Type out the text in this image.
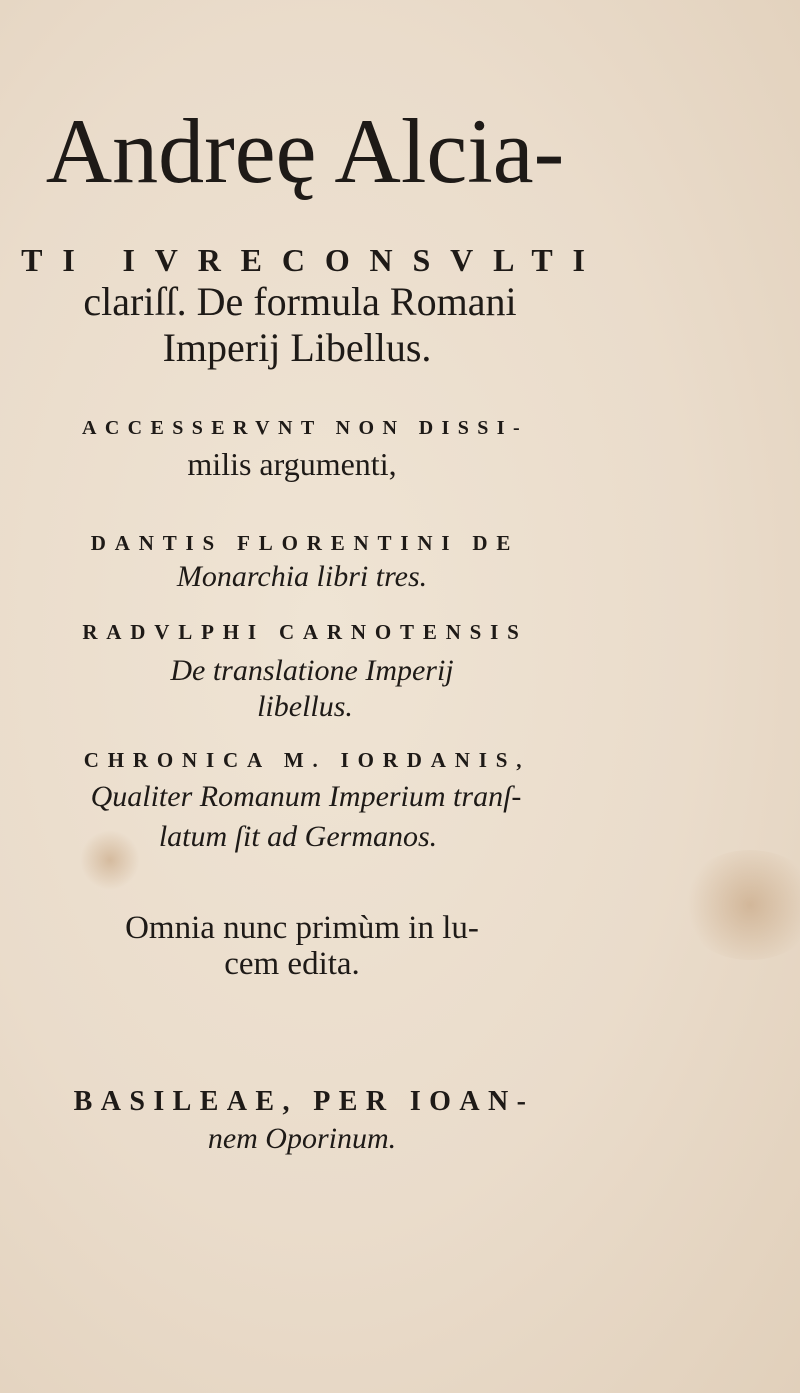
Andreę Alcia-
TI IVRECONSVLTI
clariſſ. De formula Romani
Imperij Libellus.
ACCESSERVNT NON DISSI-
milis argumenti,
DANTIS FLORENTINI DE
Monarchia libri tres.
RADVLPHI CARNOTENSIS
De translatione Imperij
libellus.
CHRONICA M. IORDANIS,
Qualiter Romanum Imperium tranſ-
latum ſit ad Germanos.
Omnia nunc primùm in lu-
cem edita.
BASILEAE, PER IOAN-
nem Oporinum.
